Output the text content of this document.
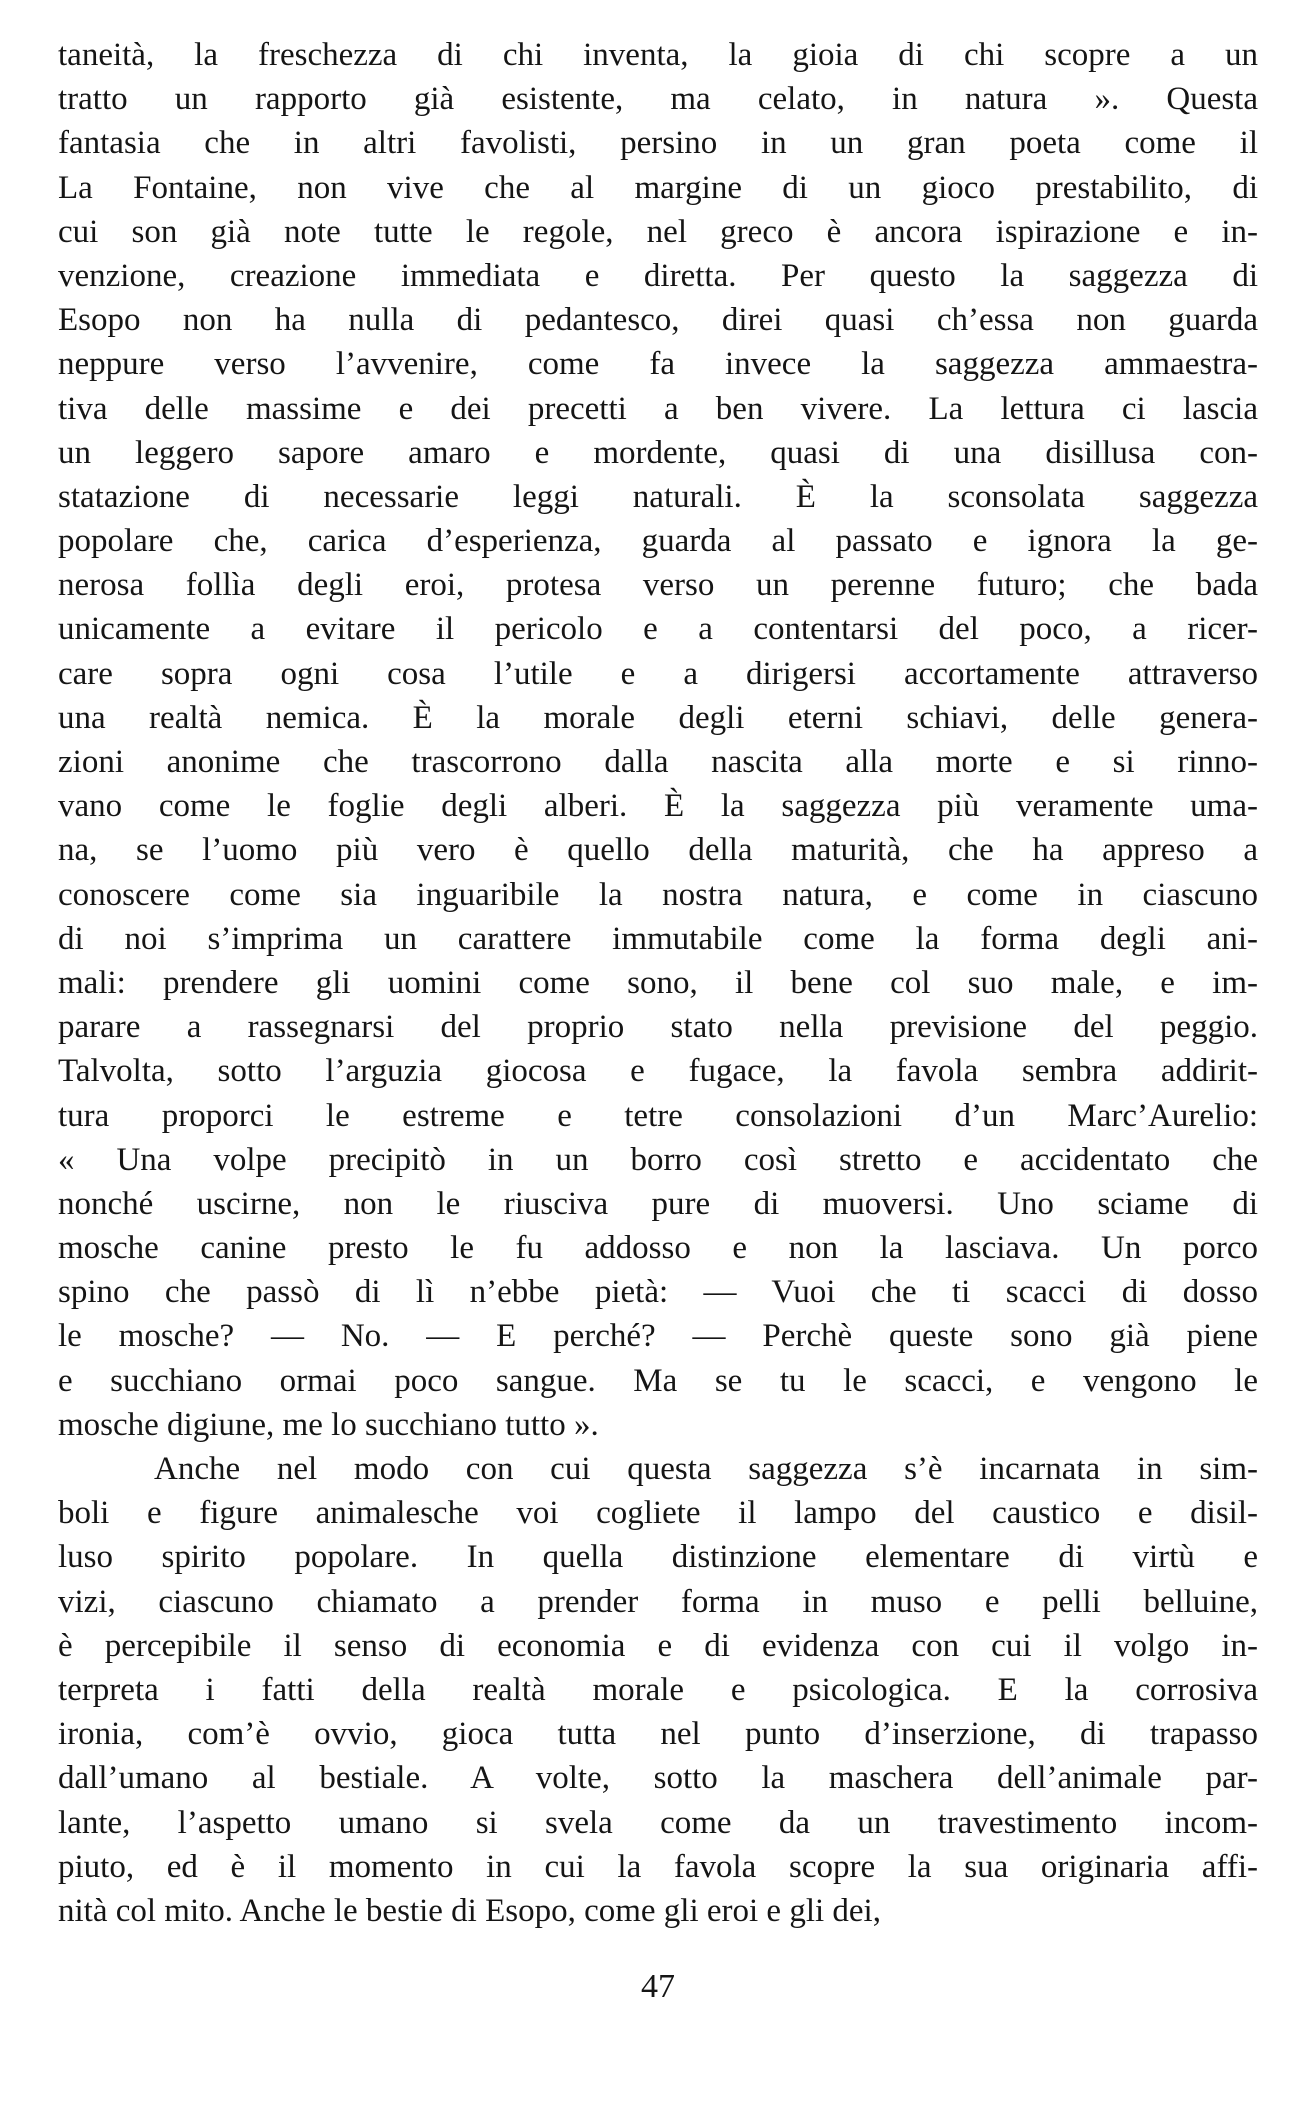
taneità, la freschezza di chi inventa, la gioia di chi scopre a un
tratto un rapporto già esistente, ma celato, in natura ». Questa
fantasia che in altri favolisti, persino in un gran poeta come il
La Fontaine, non vive che al margine di un gioco prestabilito, di
cui son già note tutte le regole, nel greco è ancora ispirazione e in-
venzione, creazione immediata e diretta. Per questo la saggezza di
Esopo non ha nulla di pedantesco, direi quasi ch’essa non guarda
neppure verso l’avvenire, come fa invece la saggezza ammaestra-
tiva delle massime e dei precetti a ben vivere. La lettura ci lascia
un leggero sapore amaro e mordente, quasi di una disillusa con-
statazione di necessarie leggi naturali. È la sconsolata saggezza
popolare che, carica d’esperienza, guarda al passato e ignora la ge-
nerosa follìa degli eroi, protesa verso un perenne futuro; che bada
unicamente a evitare il pericolo e a contentarsi del poco, a ricer-
care sopra ogni cosa l’utile e a dirigersi accortamente attraverso
una realtà nemica. È la morale degli eterni schiavi, delle genera-
zioni anonime che trascorrono dalla nascita alla morte e si rinno-
vano come le foglie degli alberi. È la saggezza più veramente uma-
na, se l’uomo più vero è quello della maturità, che ha appreso a
conoscere come sia inguaribile la nostra natura, e come in ciascuno
di noi s’imprima un carattere immutabile come la forma degli ani-
mali: prendere gli uomini come sono, il bene col suo male, e im-
parare a rassegnarsi del proprio stato nella previsione del peggio.
Talvolta, sotto l’arguzia giocosa e fugace, la favola sembra addirit-
tura proporci le estreme e tetre consolazioni d’un Marc’Aurelio:
« Una volpe precipitò in un borro così stretto e accidentato che
nonché uscirne, non le riusciva pure di muoversi. Uno sciame di
mosche canine presto le fu addosso e non la lasciava. Un porco
spino che passò di lì n’ebbe pietà: — Vuoi che ti scacci di dosso
le mosche? — No. — E perché? — Perchè queste sono già piene
e succhiano ormai poco sangue. Ma se tu le scacci, e vengono le
mosche digiune, me lo succhiano tutto ».
Anche nel modo con cui questa saggezza s’è incarnata in sim-
boli e figure animalesche voi cogliete il lampo del caustico e disil-
luso spirito popolare. In quella distinzione elementare di virtù e
vizi, ciascuno chiamato a prender forma in muso e pelli belluine,
è percepibile il senso di economia e di evidenza con cui il volgo in-
terpreta i fatti della realtà morale e psicologica. E la corrosiva
ironia, com’è ovvio, gioca tutta nel punto d’inserzione, di trapasso
dall’umano al bestiale. A volte, sotto la maschera dell’animale par-
lante, l’aspetto umano si svela come da un travestimento incom-
piuto, ed è il momento in cui la favola scopre la sua originaria affi-
nità col mito. Anche le bestie di Esopo, come gli eroi e gli dei,
47
